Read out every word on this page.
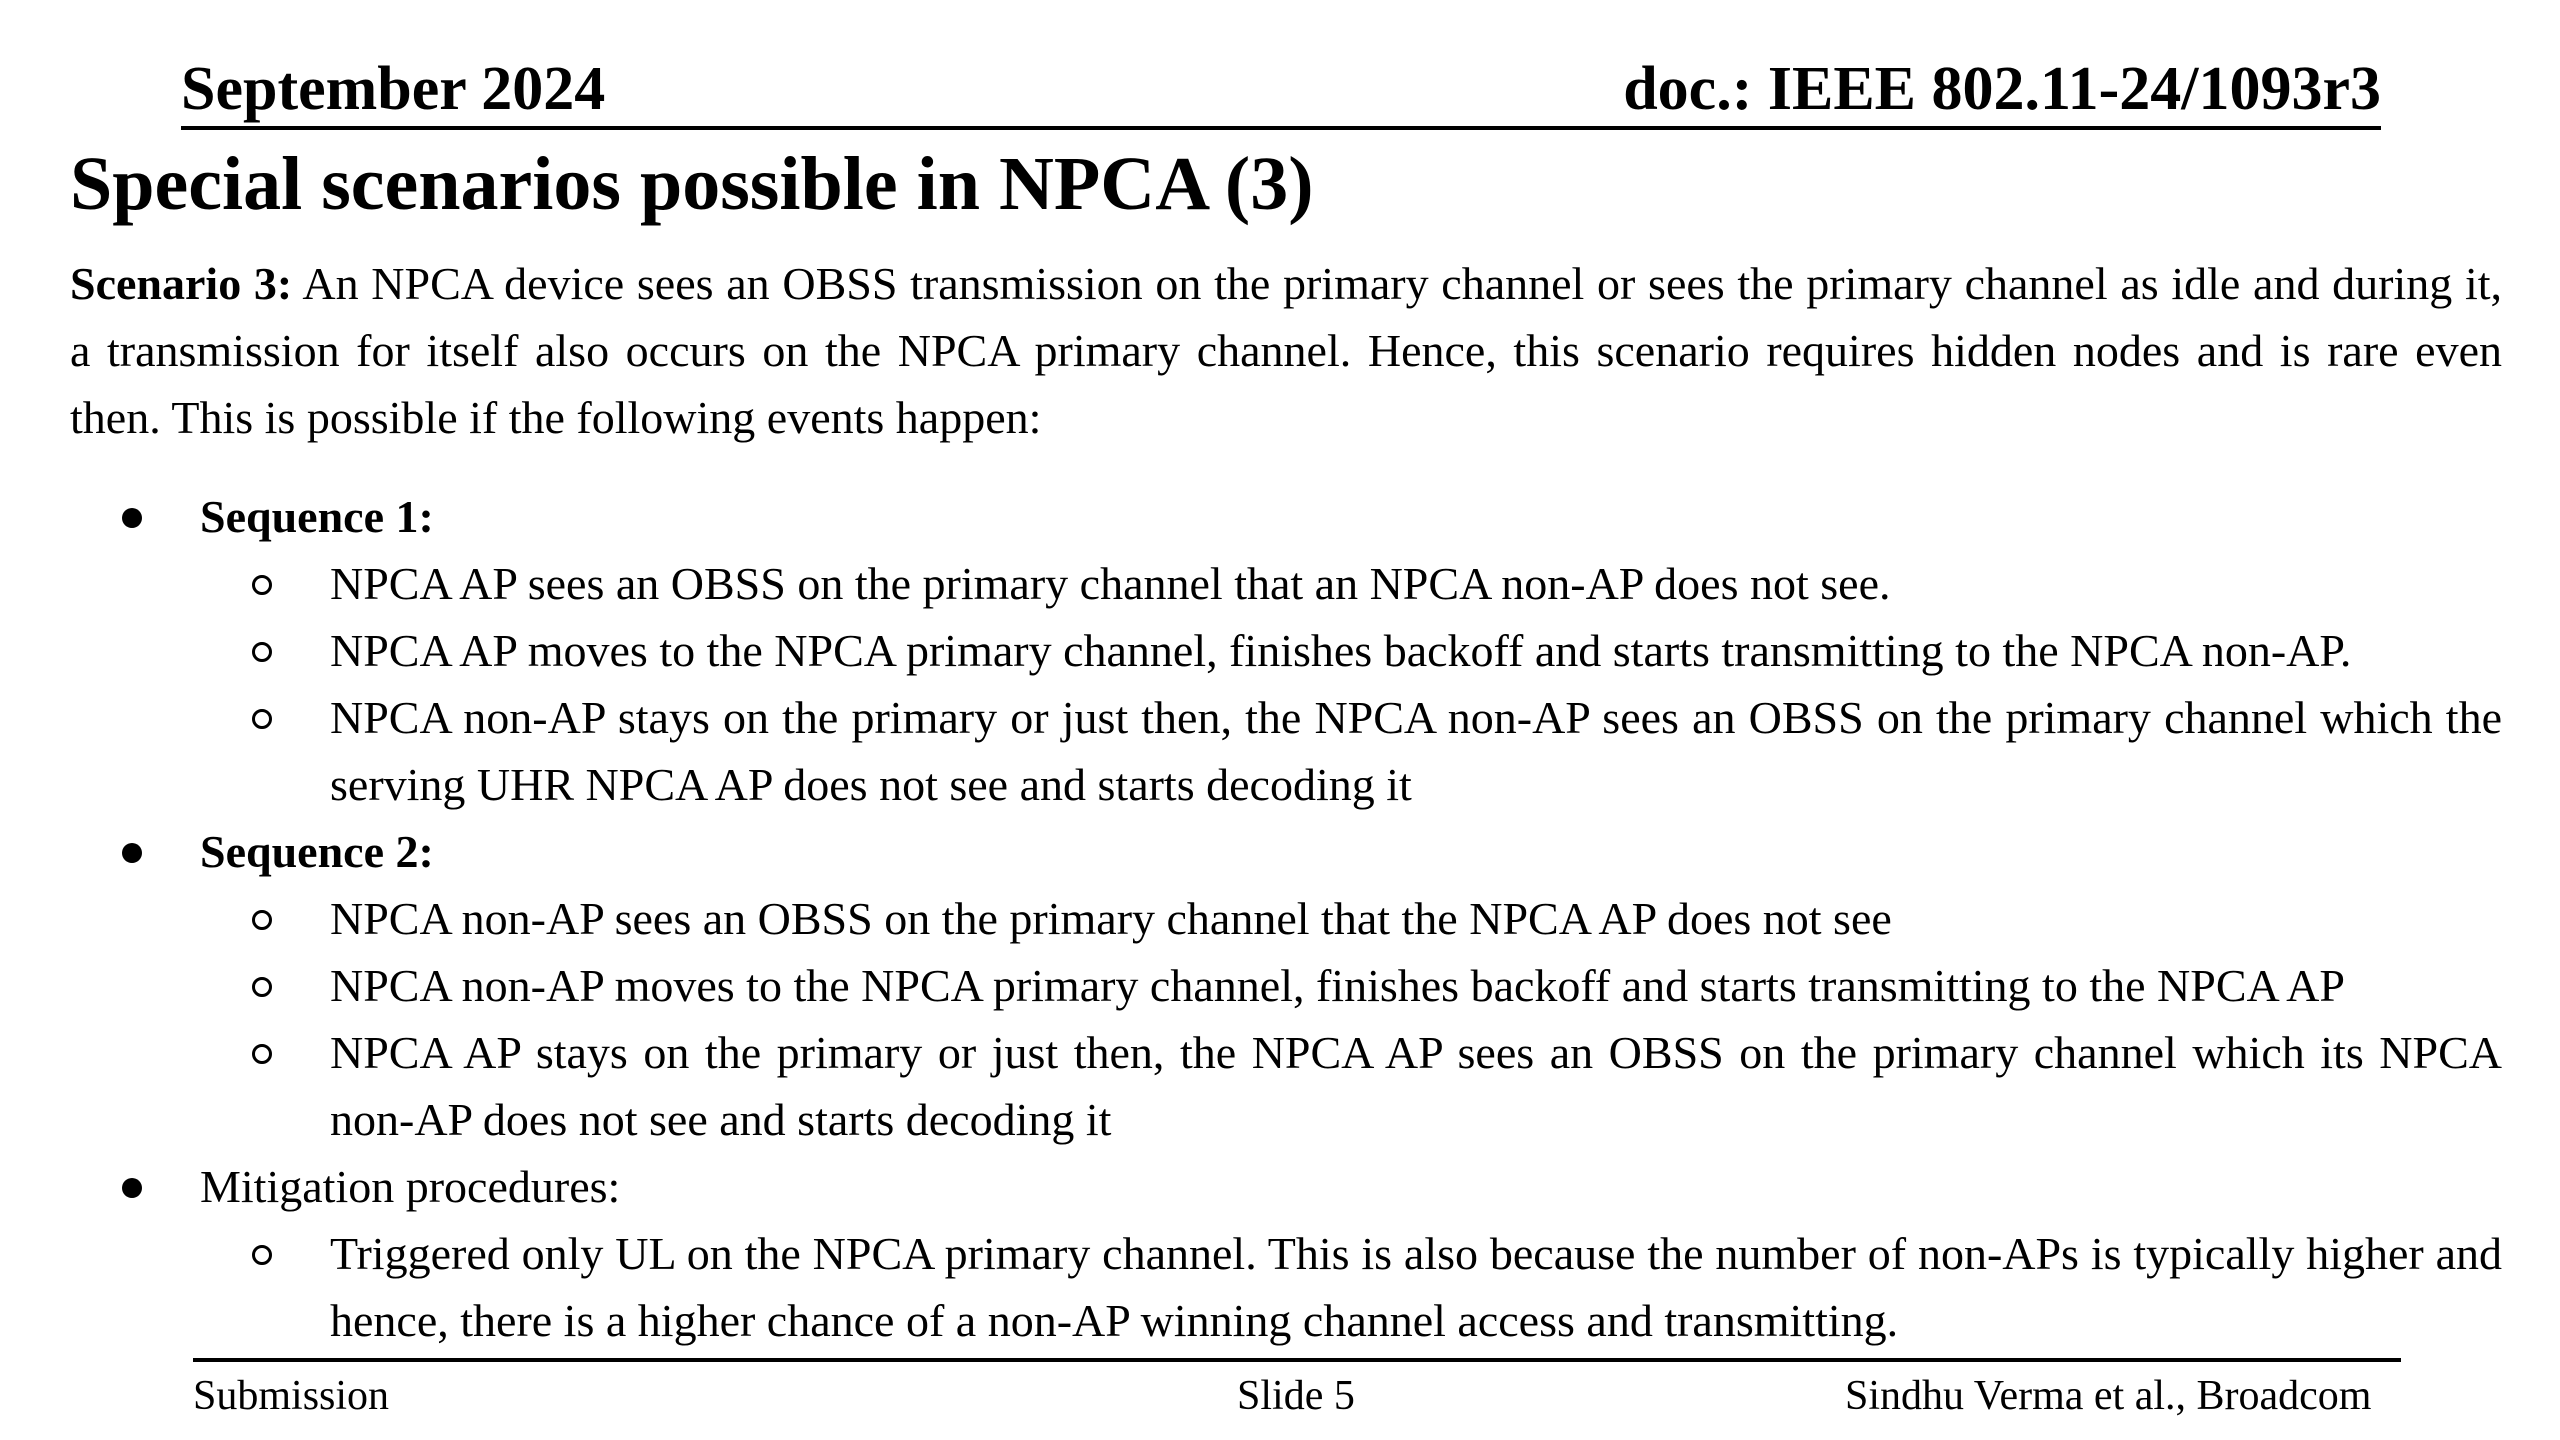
September 2024	doc.: IEEE 802.11-24/1093r3
Special scenarios possible in NPCA (3)
Scenario 3: An NPCA device sees an OBSS transmission on the primary channel or sees the primary channel as idle and during it, a transmission for itself also occurs on the NPCA primary channel. Hence, this scenario requires hidden nodes and is rare even then. This is possible if the following events happen:
Sequence 1:
NPCA AP sees an OBSS on the primary channel that an NPCA non-AP does not see.
NPCA AP moves to the NPCA primary channel, finishes backoff and starts transmitting to the NPCA non-AP.
NPCA non-AP stays on the primary or just then, the NPCA non-AP sees an OBSS on the primary channel which the serving UHR NPCA AP does not see and starts decoding it
Sequence 2:
NPCA non-AP sees an OBSS on the primary channel that the NPCA AP does not see
NPCA non-AP moves to the NPCA primary channel, finishes backoff and starts transmitting to the NPCA AP
NPCA AP stays on the primary or just then, the NPCA AP sees an OBSS on the primary channel which its NPCA non-AP does not see and starts decoding it
Mitigation procedures:
Triggered only UL on the NPCA primary channel. This is also because the number of non-APs is typically higher and hence, there is a higher chance of a non-AP winning channel access and transmitting.
Submission	Slide 5	Sindhu Verma et al., Broadcom
